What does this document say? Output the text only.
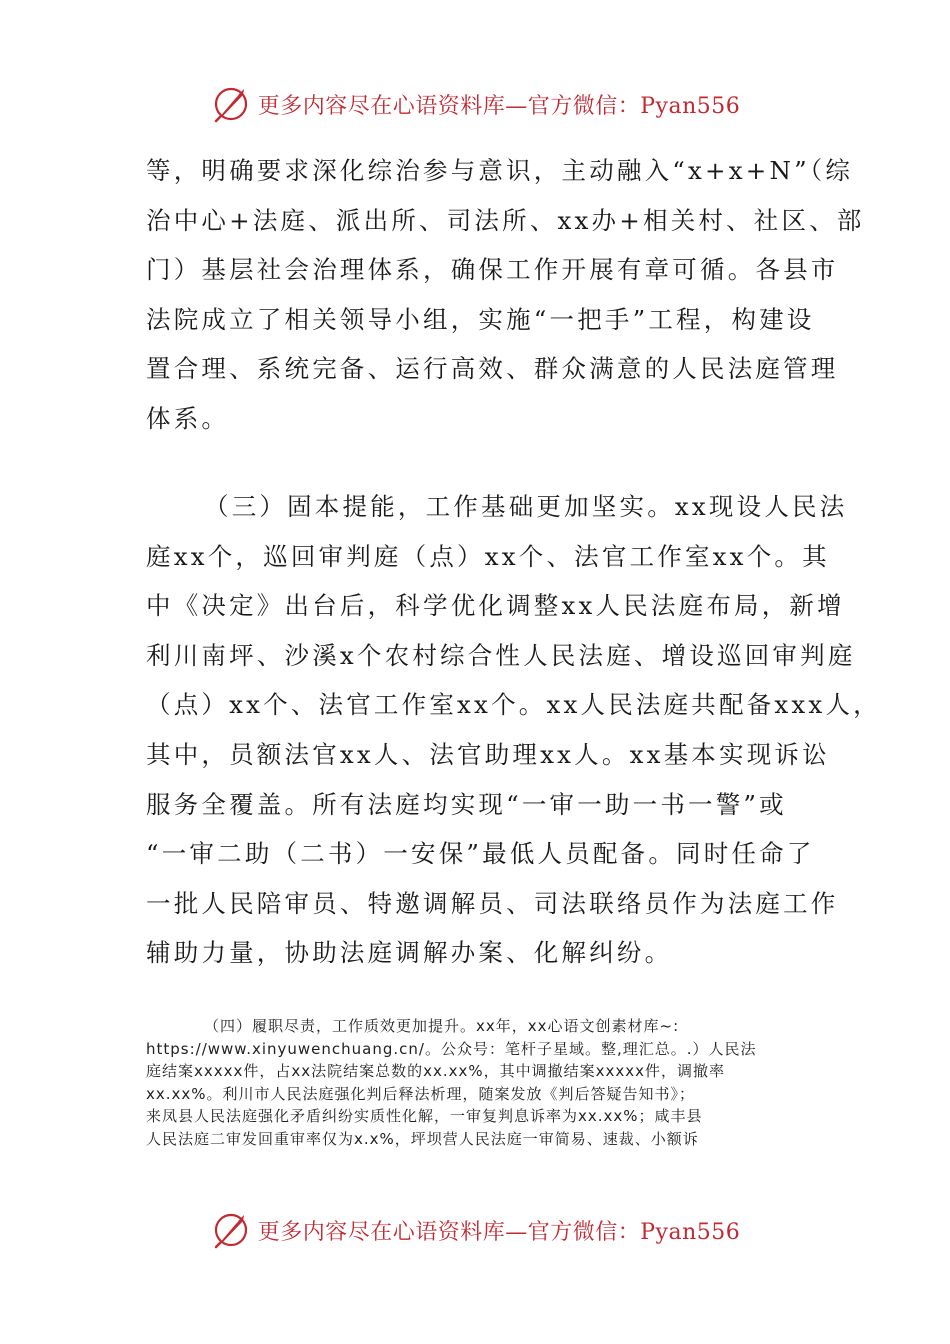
更多内容尽在心语资料库—官方微信：Pyan556
等，明确要求深化综治参与意识，主动融入“x+x+N”（综
治中心+法庭、派出所、司法所、xx办+相关村、社区、部
门）基层社会治理体系，确保工作开展有章可循。各县市
法院成立了相关领导小组，实施“一把手”工程，构建设
置合理、系统完备、运行高效、群众满意的人民法庭管理
体系。
（三）固本提能，工作基础更加坚实。xx现设人民法
庭xx个，巡回审判庭（点）xx个、法官工作室xx个。其
中《决定》出台后，科学优化调整xx人民法庭布局，新增
利川南坪、沙溪x个农村综合性人民法庭、增设巡回审判庭
（点）xx个、法官工作室xx个。xx人民法庭共配备xxx人，
其中，员额法官xx人、法官助理xx人。xx基本实现诉讼
服务全覆盖。所有法庭均实现“一审一助一书一警”或
“一审二助（二书）一安保”最低人员配备。同时任命了
一批人民陪审员、特邀调解员、司法联络员作为法庭工作
辅助力量，协助法庭调解办案、化解纠纷。
（四）履职尽责，工作质效更加提升。xx年，xx心语文创素材库~:
https://www.xinyuwenchuang.cn/。公众号：笔杆子星域。整,理汇总。.）人民法
庭结案xxxxx件，占xx法院结案总数的xx.xx%，其中调撤结案xxxxx件，调撤率
xx.xx%。利川市人民法庭强化判后释法析理，随案发放《判后答疑告知书》；
来凤县人民法庭强化矛盾纠纷实质性化解，一审复判息诉率为xx.xx%；咸丰县
人民法庭二审发回重审率仅为x.x%，坪坝营人民法庭一审简易、速裁、小额诉
更多内容尽在心语资料库—官方微信：Pyan556
